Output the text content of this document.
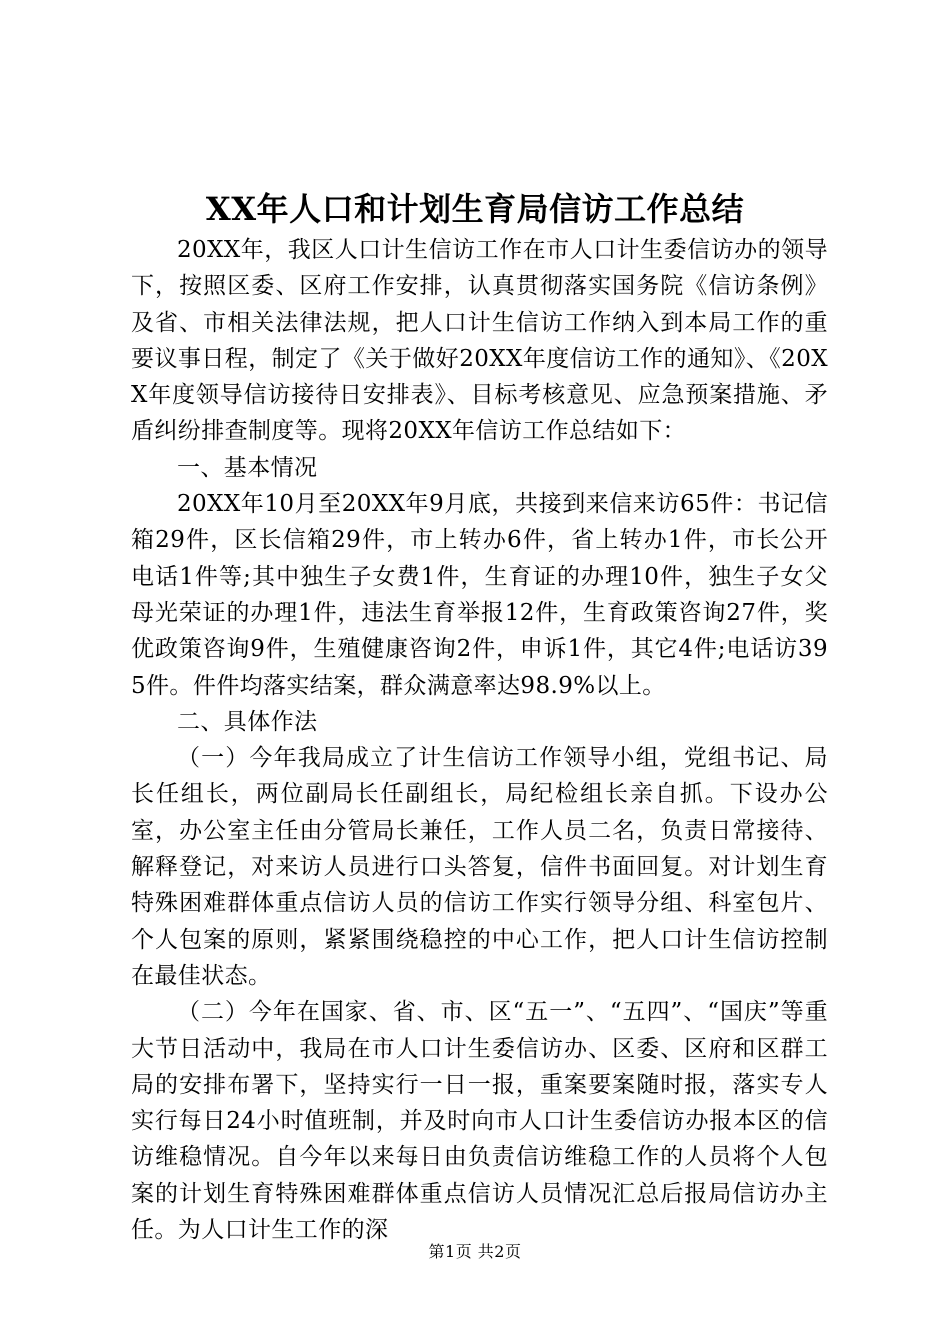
XX年人口和计划生育局信访工作总结

20XX年，我区人口计生信访工作在市人口计生委信访办的领导下，按照区委、区府工作安排，认真贯彻落实国务院《信访条例》及省、市相关法律法规，把人口计生信访工作纳入到本局工作的重要议事日程，制定了《关于做好20XX年度信访工作的通知》、《20XX年度领导信访接待日安排表》、目标考核意见、应急预案措施、矛盾纠纷排查制度等。现将20XX年信访工作总结如下：

一、基本情况

20XX年10月至20XX年9月底，共接到来信来访65件：书记信箱29件，区长信箱29件，市上转办6件，省上转办1件，市长公开电话1件等;其中独生子女费1件，生育证的办理10件，独生子女父母光荣证的办理1件，违法生育举报12件，生育政策咨询27件，奖优政策咨询9件，生殖健康咨询2件，申诉1件，其它4件;电话访395件。件件均落实结案，群众满意率达98.9%以上。

二、具体作法

（一）今年我局成立了计生信访工作领导小组，党组书记、局长任组长，两位副局长任副组长，局纪检组长亲自抓。下设办公室，办公室主任由分管局长兼任，工作人员二名，负责日常接待、解释登记，对来访人员进行口头答复，信件书面回复。对计划生育特殊困难群体重点信访人员的信访工作实行领导分组、科室包片、个人包案的原则，紧紧围绕稳控的中心工作，把人口计生信访控制在最佳状态。

（二）今年在国家、省、市、区“五一”、“五四”、“国庆”等重大节日活动中，我局在市人口计生委信访办、区委、区府和区群工局的安排布署下，坚持实行一日一报，重案要案随时报，落实专人实行每日24小时值班制，并及时向市人口计生委信访办报本区的信访维稳情况。自今年以来每日由负责信访维稳工作的人员将个人包案的计划生育特殊困难群体重点信访人员情况汇总后报局信访办主任。为人口计生工作的深

第1页 共2页
